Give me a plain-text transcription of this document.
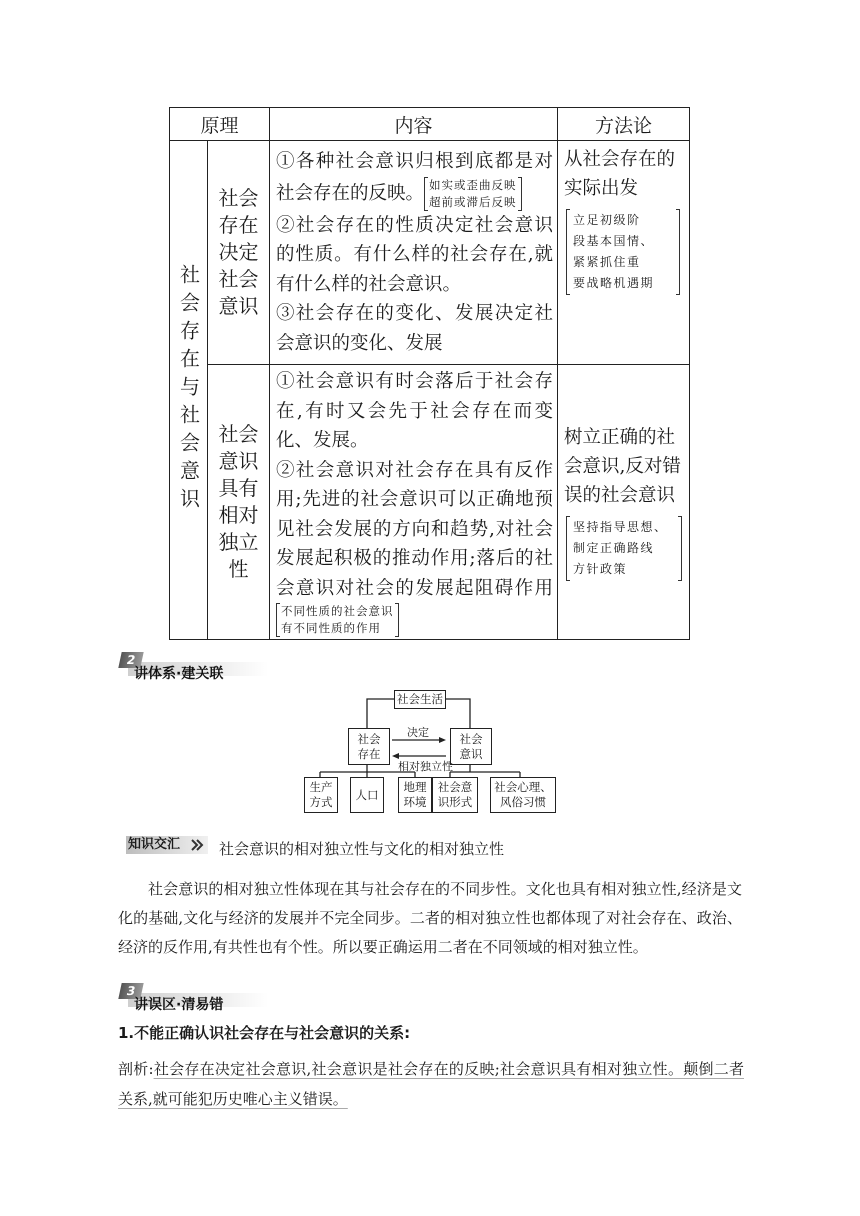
原理		内容	方法论

社会存在与社会意识	社会存在决定社会意识	①各种社会意识归根到底都是对社会存在的反映。 如实或歪曲反映
超前或滞后反映
②社会存在的性质决定社会意识的性质。有什么样的社会存在,就有什么样的社会意识。
③社会存在的变化、发展决定社会意识的变化、发展	从社会存在的实际出发
立足初级阶
段基本国情、
紧紧抓住重
要战略机遇期

	社会意识具有相对独立性	①社会意识有时会落后于社会存在,有时又会先于社会存在而变化、发展。
②社会意识对社会存在具有反作用;先进的社会意识可以正确地预见社会发展的方向和趋势,对社会发展起积极的推动作用;落后的社会意识对社会的发展起阻碍作用不同性质的社会意识
有不同性质的作用	树立正确的社会意识,反对错误的社会意识
坚持指导思想、
制定正确路线
方针政策
2
讲体系·建关联
社会生活
社会存在
社会意识
决定
相对独立性
生产方式
人口
地理环境
社会意识形式
社会心理、风俗习惯
知识交汇	社会意识的相对独立性与文化的相对独立性

社会意识的相对独立性体现在其与社会存在的不同步性。文化也具有相对独立性,经济是文化的基础,文化与经济的发展并不完全同步。二者的相对独立性也都体现了对社会存在、政治、经济的反作用,有共性也有个性。所以要正确运用二者在不同领域的相对独立性。

3
讲误区·清易错
1.不能正确认识社会存在与社会意识的关系:

剖析:社会存在决定社会意识,社会意识是社会存在的反映;社会意识具有相对独立性。颠倒二者关系,就可能犯历史唯心主义错误。
